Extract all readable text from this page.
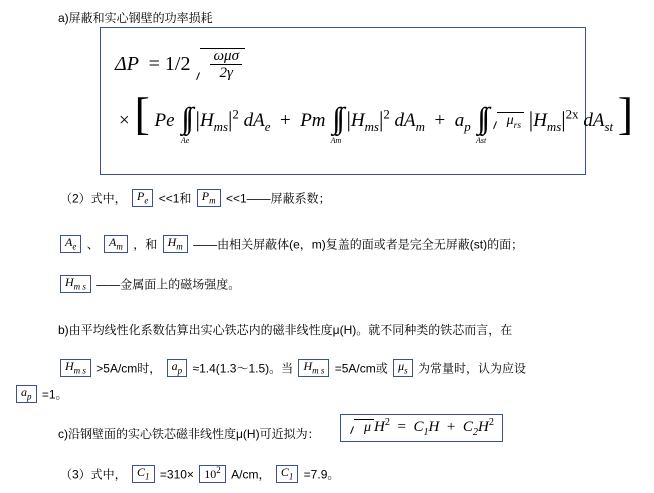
a)屏蔽和实心钢壁的功率损耗
$\Delta P = 1/2 \frac{\text{ωμσ}}{2\gamma}$
× [ Pe ∫∫
Ae
$|H_{ms}|^2$ $dA_e + Pm$ ∫∫
Am
$|H_{ms}|^2$ $dA_m + a_p$ ∫∫
Ast
$\mu_{rs}$ $|H_{ms}|^{2x}$ $dA_{st}$ ]
（2）式中， $P_e <<1$和 $P_m$ <<1——屏蔽系数；
$A_e$ 、 $A_m$ ，和 $H_m$ ——由相关屏蔽体(e，m)复盖的面或者是完全无屏蔽(st)的面；
$H_{m s}$ ——金属面上的磁场强度。
b)由平均线性化系数估算出实心铁芯内的磁非线性度μ(H)。就不同种类的铁芯而言，在
$H_{m s} >5A/cm$时， $a_p$ ≈1.4(1.3～1.5)。当 $H_{m s} =5A/cm$或 $\mu_s$ 为常量时，认为应设
$a_p =1$。
c)沿钢壁面的实心铁芯磁非线性度μ(H)可近拟为：	μ $H^2 = C_1H + C_2H^2$
（3）式中， $C_1 =310\times 10^2$ A/cm， $C_1 =7.9$。
